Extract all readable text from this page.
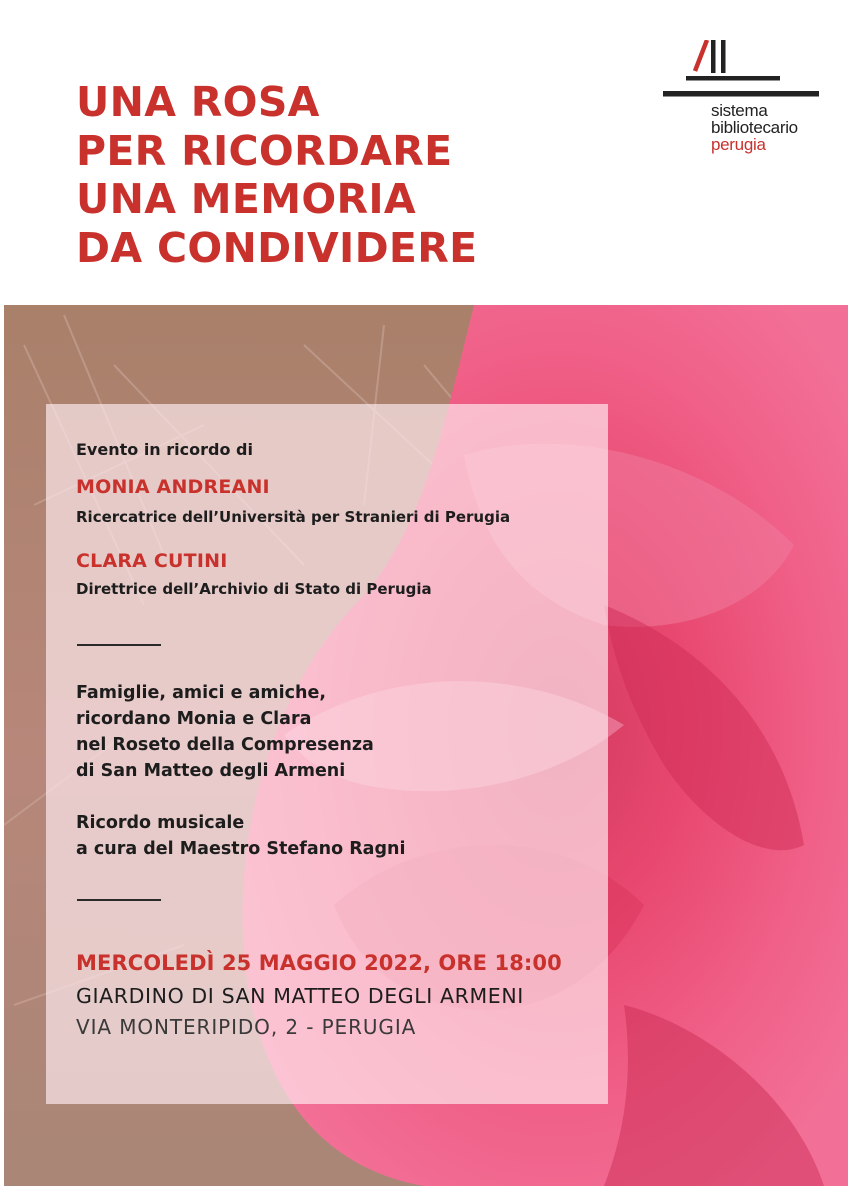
UNA ROSA
PER RICORDARE
UNA MEMORIA
DA CONDIVIDERE
sistema
bibliotecario
perugia
Evento in ricordo di
MONIA ANDREANI
Ricercatrice dell’Università per Stranieri di Perugia
CLARA CUTINI
Direttrice dell’Archivio di Stato di Perugia
Famiglie, amici e amiche,
ricordano Monia e Clara
nel Roseto della Compresenza
di San Matteo degli Armeni
Ricordo musicale
a cura del Maestro Stefano Ragni
MERCOLEDÌ 25 MAGGIO 2022, ORE 18:00
GIARDINO DI SAN MATTEO DEGLI ARMENI
VIA MONTERIPIDO, 2 - PERUGIA
